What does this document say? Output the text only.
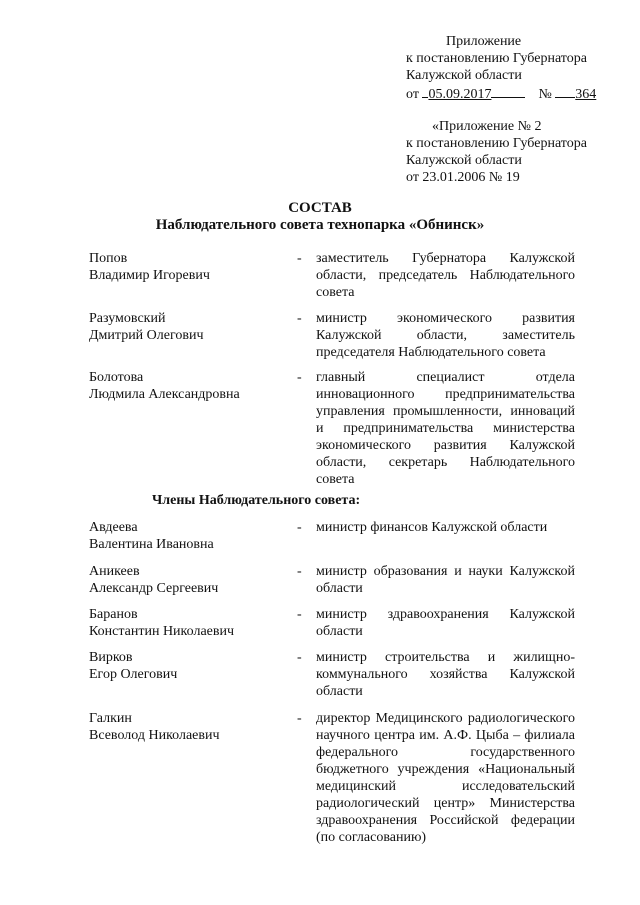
Приложение
к постановлению Губернатора
Калужской области
от 05.09.2017	№ 364
«Приложение № 2
к постановлению Губернатора
Калужской области
от 23.01.2006 № 19
СОСТАВ
Наблюдательного совета технопарка «Обнинск»
Попов
Владимир Игоревич
- заместитель Губернатора Калужской
области, председатель Наблюдательного
совета
Разумовский
Дмитрий Олегович
- министр экономического развития
Калужской области, заместитель
председателя Наблюдательного совета
Болотова
Людмила Александровна
- главный специалист отдела
инновационного предпринимательства
управления промышленности, инноваций
и предпринимательства министерства
экономического развития Калужской
области, секретарь Наблюдательного
совета
Члены Наблюдательного совета:
Авдеева
Валентина Ивановна
- министр финансов Калужской области
Аникеев
Александр Сергеевич
- министр образования и науки Калужской
области
Баранов
Константин Николаевич
- министр здравоохранения Калужской
области
Вирков
Егор Олегович
- министр строительства и жилищно-
коммунального хозяйства Калужской
области
Галкин
Всеволод Николаевич
- директор Медицинского радиологического
научного центра им. А.Ф. Цыба – филиала
федерального государственного
бюджетного учреждения «Национальный
медицинский исследовательский
радиологический центр» Министерства
здравоохранения Российской федерации
(по согласованию)
